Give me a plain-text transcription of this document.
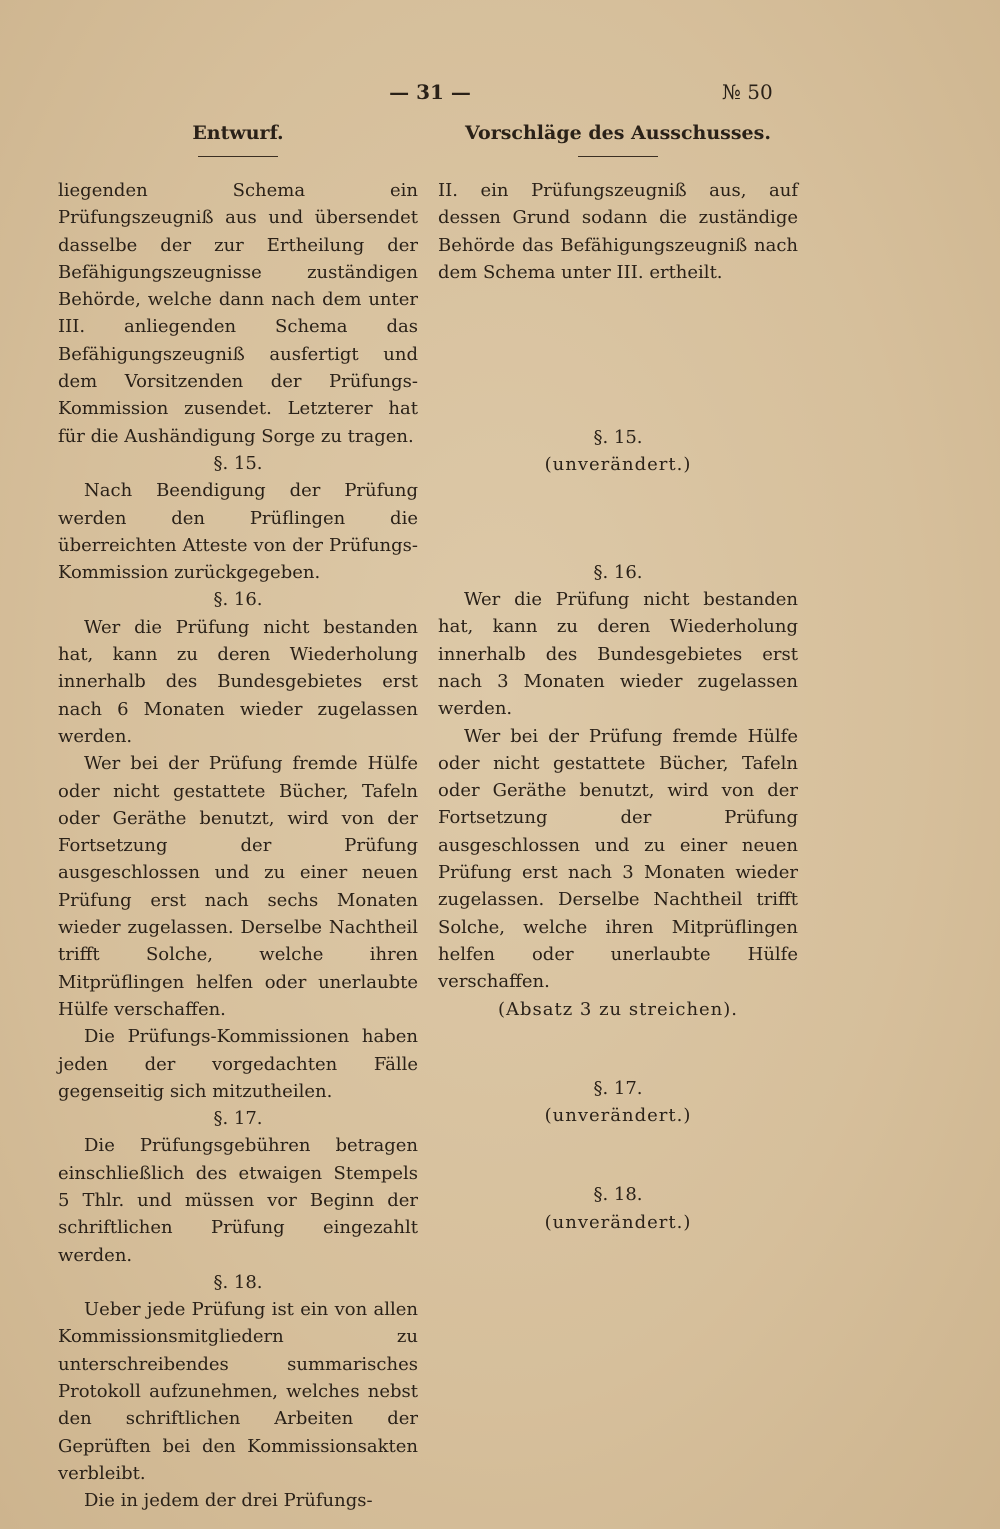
— 31 —	№ 50
Entwurf.

liegenden Schema ein Prüfungszeugniß aus und übersendet dasselbe der zur Ertheilung der Befähigungszeugnisse zuständigen Behörde, welche dann nach dem unter III. anliegenden Schema das Befähigungszeugniß ausfertigt und dem Vorsitzenden der Prüfungs-Kommission zusendet. Letzterer hat für die Aushändigung Sorge zu tragen.

§. 15.

Nach Beendigung der Prüfung werden den Prüflingen die überreichten Atteste von der Prüfungs-Kommission zurückgegeben.

§. 16.

Wer die Prüfung nicht bestanden hat, kann zu deren Wiederholung innerhalb des Bundesgebietes erst nach 6 Monaten wieder zugelassen werden.

Wer bei der Prüfung fremde Hülfe oder nicht gestattete Bücher, Tafeln oder Geräthe benutzt, wird von der Fortsetzung der Prüfung ausgeschlossen und zu einer neuen Prüfung erst nach sechs Monaten wieder zugelassen. Derselbe Nachtheil trifft Solche, welche ihren Mitprüflingen helfen oder unerlaubte Hülfe verschaffen.

Die Prüfungs-Kommissionen haben jeden der vorgedachten Fälle gegenseitig sich mitzutheilen.

§. 17.

Die Prüfungsgebühren betragen einschließlich des etwaigen Stempels 5 Thlr. und müssen vor Beginn der schriftlichen Prüfung eingezahlt werden.

§. 18.

Ueber jede Prüfung ist ein von allen Kommissionsmitgliedern zu unterschreibendes summarisches Protokoll aufzunehmen, welches nebst den schriftlichen Arbeiten der Geprüften bei den Kommissionsakten verbleibt.

Die in jedem der drei Prüfungs-

Vorschläge des Ausschusses.

II. ein Prüfungszeugniß aus, auf dessen Grund sodann die zuständige Behörde das Befähigungszeugniß nach dem Schema unter III. ertheilt.

§. 15.

(unverändert.)

§. 16.

Wer die Prüfung nicht bestanden hat, kann zu deren Wiederholung innerhalb des Bundesgebietes erst nach 3 Monaten wieder zugelassen werden.

Wer bei der Prüfung fremde Hülfe oder nicht gestattete Bücher, Tafeln oder Geräthe benutzt, wird von der Fortsetzung der Prüfung ausgeschlossen und zu einer neuen Prüfung erst nach 3 Monaten wieder zugelassen. Derselbe Nachtheil trifft Solche, welche ihren Mitprüflingen helfen oder unerlaubte Hülfe verschaffen.

(Absatz 3 zu streichen).

§. 17.

(unverändert.)

§. 18.

(unverändert.)
